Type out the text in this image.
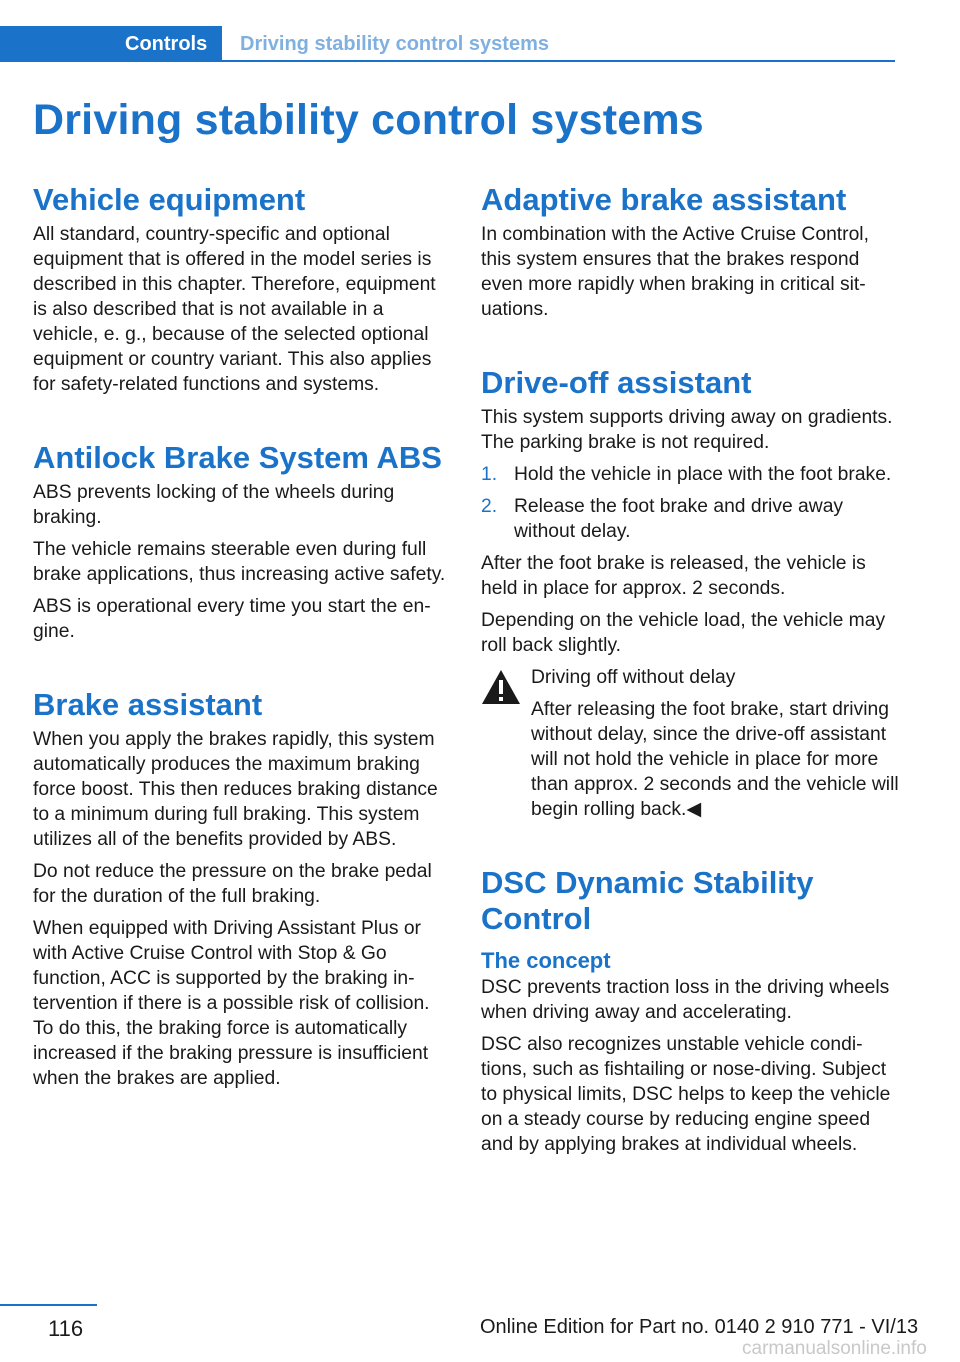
Controls	Driving stability control systems
Driving stability control systems
Vehicle equipment

All standard, country-specific and optional equipment that is offered in the model series is described in this chapter. Therefore, equipment is also described that is not available in a vehicle, e. g., because of the selected optional equipment or country variant. This also applies for safety-related functions and systems.

Antilock Brake System ABS

ABS prevents locking of the wheels during braking.

The vehicle remains steerable even during full brake applications, thus increasing active safety.

ABS is operational every time you start the engine.

Brake assistant

When you apply the brakes rapidly, this system automatically produces the maximum braking force boost. This then reduces braking distance to a minimum during full braking. This system utilizes all of the benefits provided by ABS.

Do not reduce the pressure on the brake pedal for the duration of the full braking.

When equipped with Driving Assistant Plus or with Active Cruise Control with Stop & Go function, ACC is supported by the braking intervention if there is a possible risk of collision. To do this, the braking force is automatically increased if the braking pressure is insufficient when the brakes are applied.

Adaptive brake assistant

In combination with the Active Cruise Control, this system ensures that the brakes respond even more rapidly when braking in critical situations.

Drive-off assistant

This system supports driving away on gradients. The parking brake is not required.

1. Hold the vehicle in place with the foot brake.
2. Release the foot brake and drive away without delay.

After the foot brake is released, the vehicle is held in place for approx. 2 seconds.

Depending on the vehicle load, the vehicle may roll back slightly.

Driving off without delay

After releasing the foot brake, start driving without delay, since the drive-off assistant will not hold the vehicle in place for more than approx. 2 seconds and the vehicle will begin rolling back.◀

DSC Dynamic Stability Control
The concept

DSC prevents traction loss in the driving wheels when driving away and accelerating.

DSC also recognizes unstable vehicle conditions, such as fishtailing or nose-diving. Subject to physical limits, DSC helps to keep the vehicle on a steady course by reducing engine speed and by applying brakes at individual wheels.

116	Online Edition for Part no. 0140 2 910 771 - VI/13
carmanualsonline.info
